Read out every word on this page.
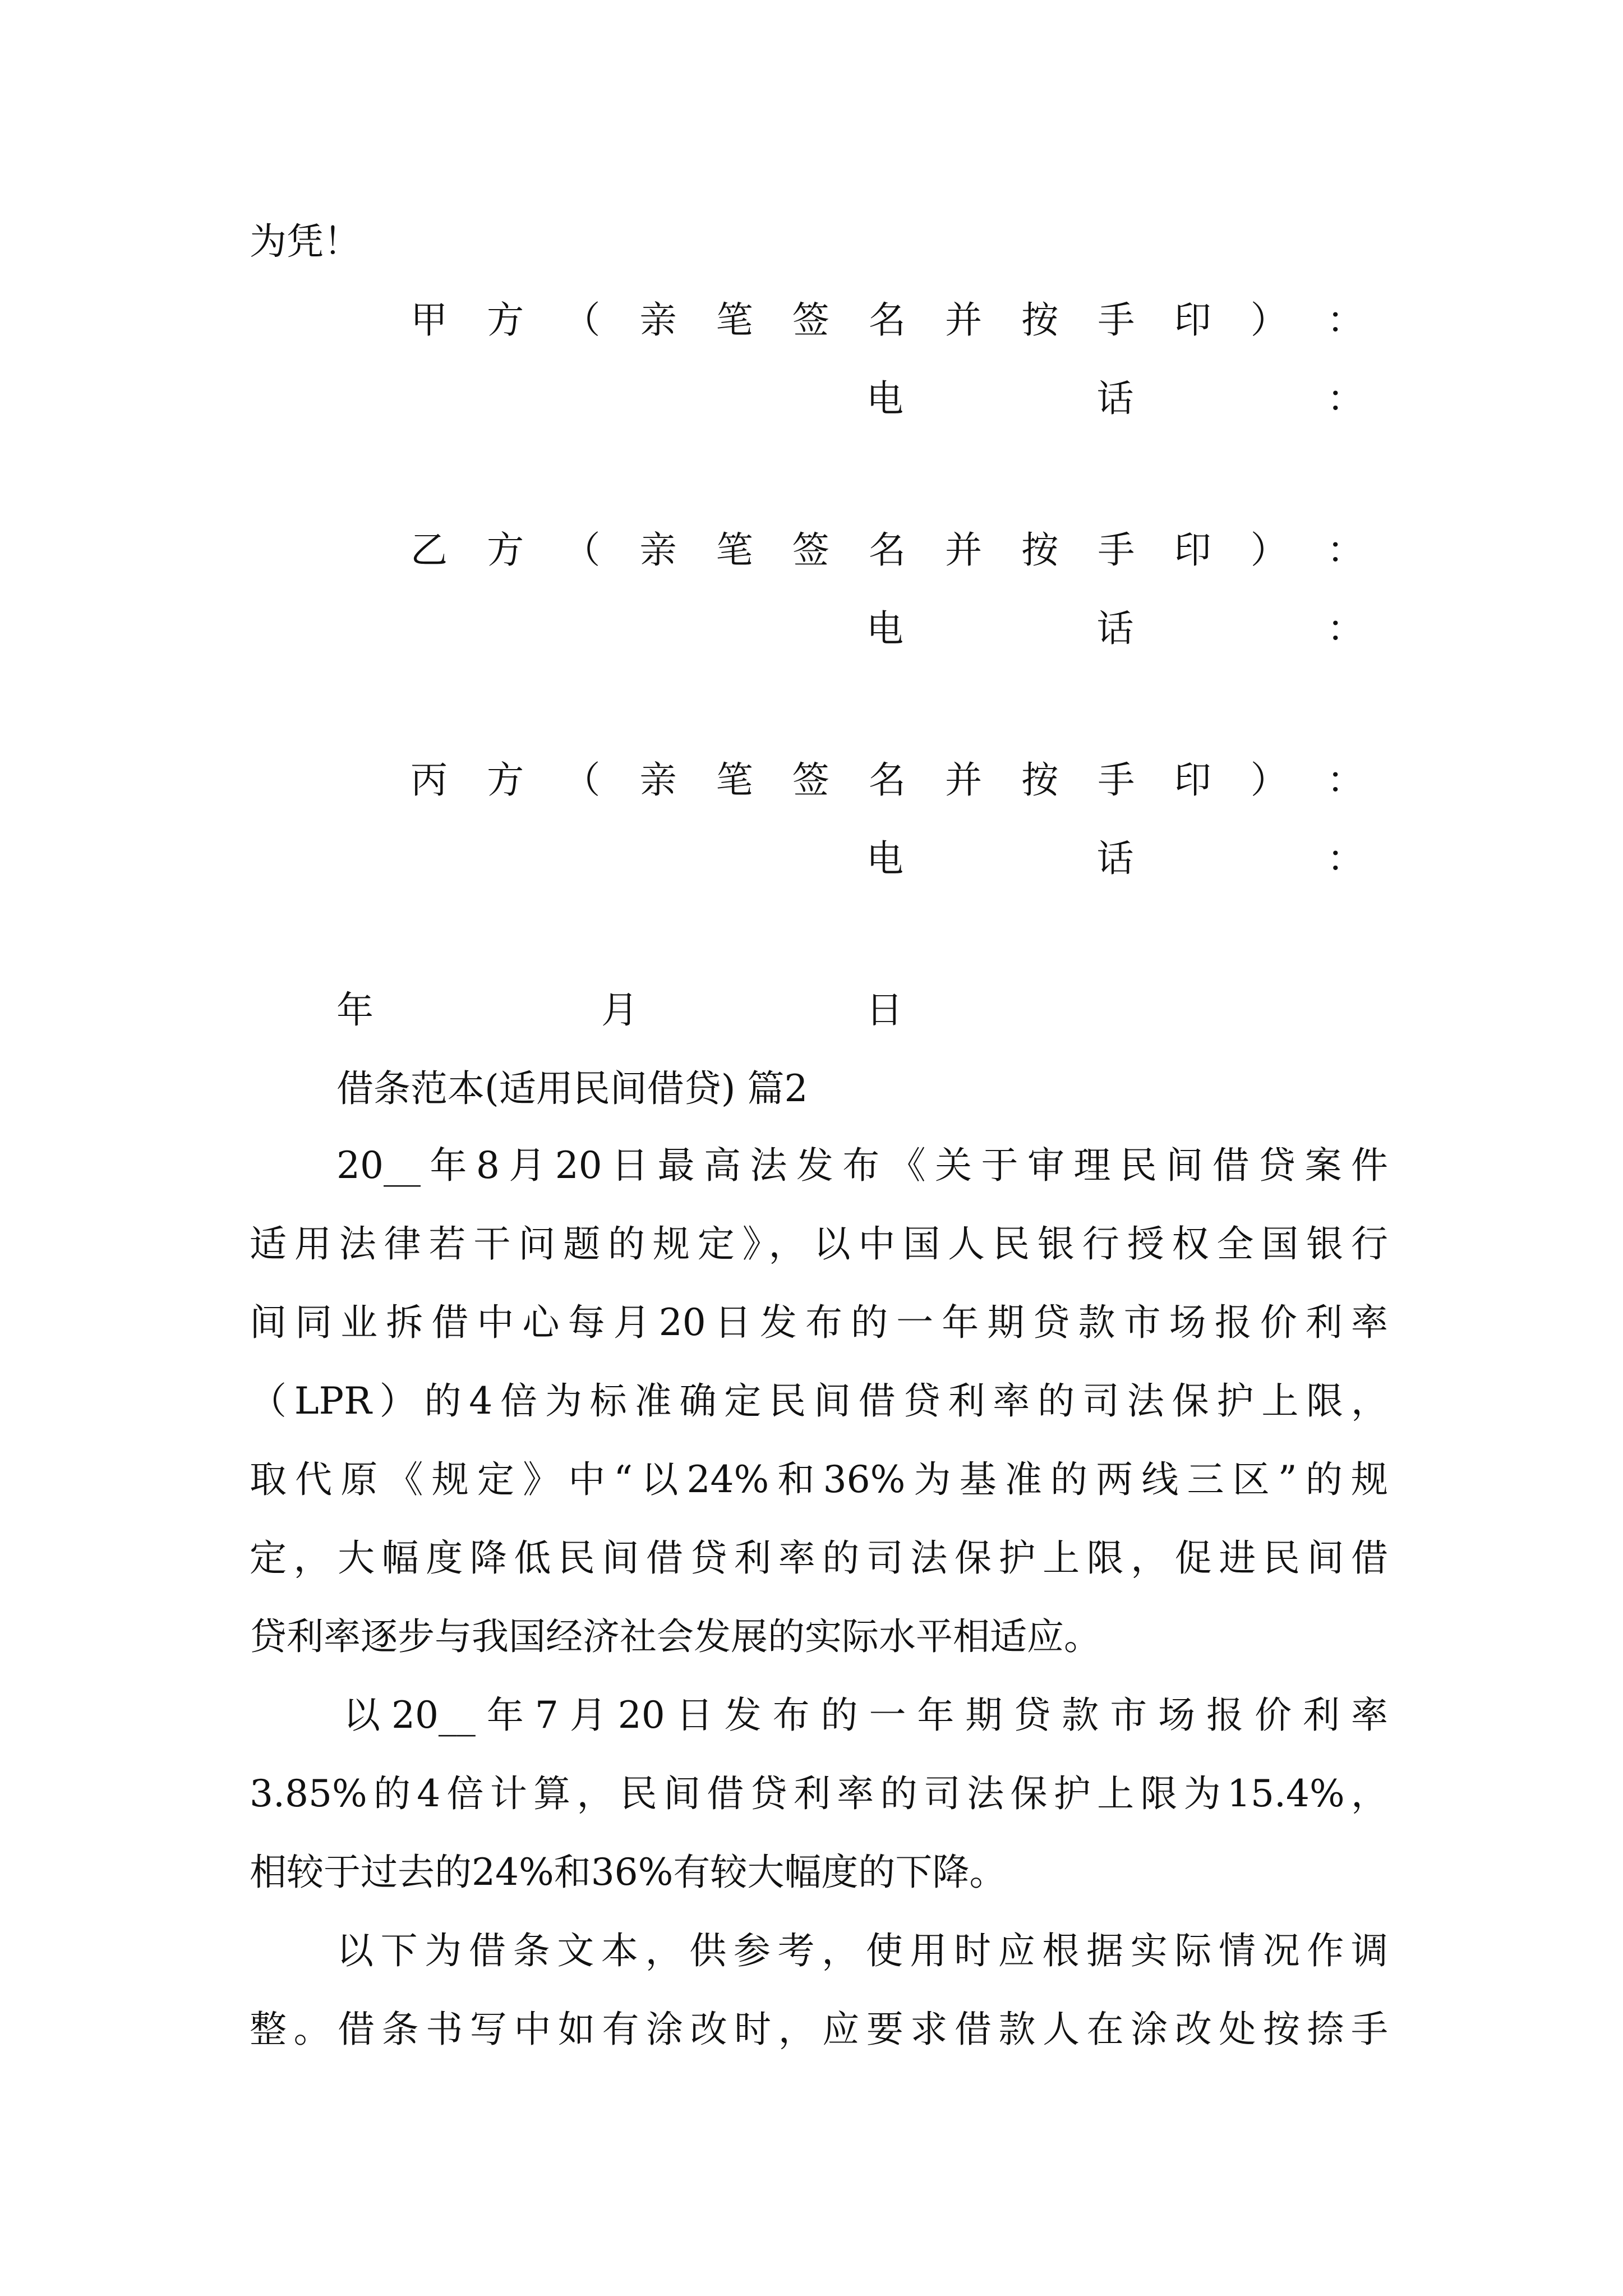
为凭！
甲 方 （ 亲 笔 签 名 并 按 手 印 ） ：
电	话	：
乙 方 （ 亲 笔 签 名 并 按 手 印 ） ：
电	话	：
丙 方 （ 亲 笔 签 名 并 按 手 印 ） ：
电	话	：
年	月	日
借条范本(适用民间借贷) 篇2
20__年8月20日最高法发布《关于审理民间借贷案件
适用法律若干问题的规定》，以中国人民银行授权全国银行
间同业拆借中心每月20日发布的一年期贷款市场报价利率
（LPR）的4倍为标准确定民间借贷利率的司法保护上限，
取代原《规定》中“以24%和36%为基准的两线三区”的规
定，大幅度降低民间借贷利率的司法保护上限，促进民间借
贷利率逐步与我国经济社会发展的实际水平相适应。
以20__年7月20日发布的一年期贷款市场报价利率
3.85%的4倍计算，民间借贷利率的司法保护上限为15.4%，
相较于过去的24%和36%有较大幅度的下降。
以下为借条文本，供参考，使用时应根据实际情况作调
整。借条书写中如有涂改时，应要求借款人在涂改处按捺手
